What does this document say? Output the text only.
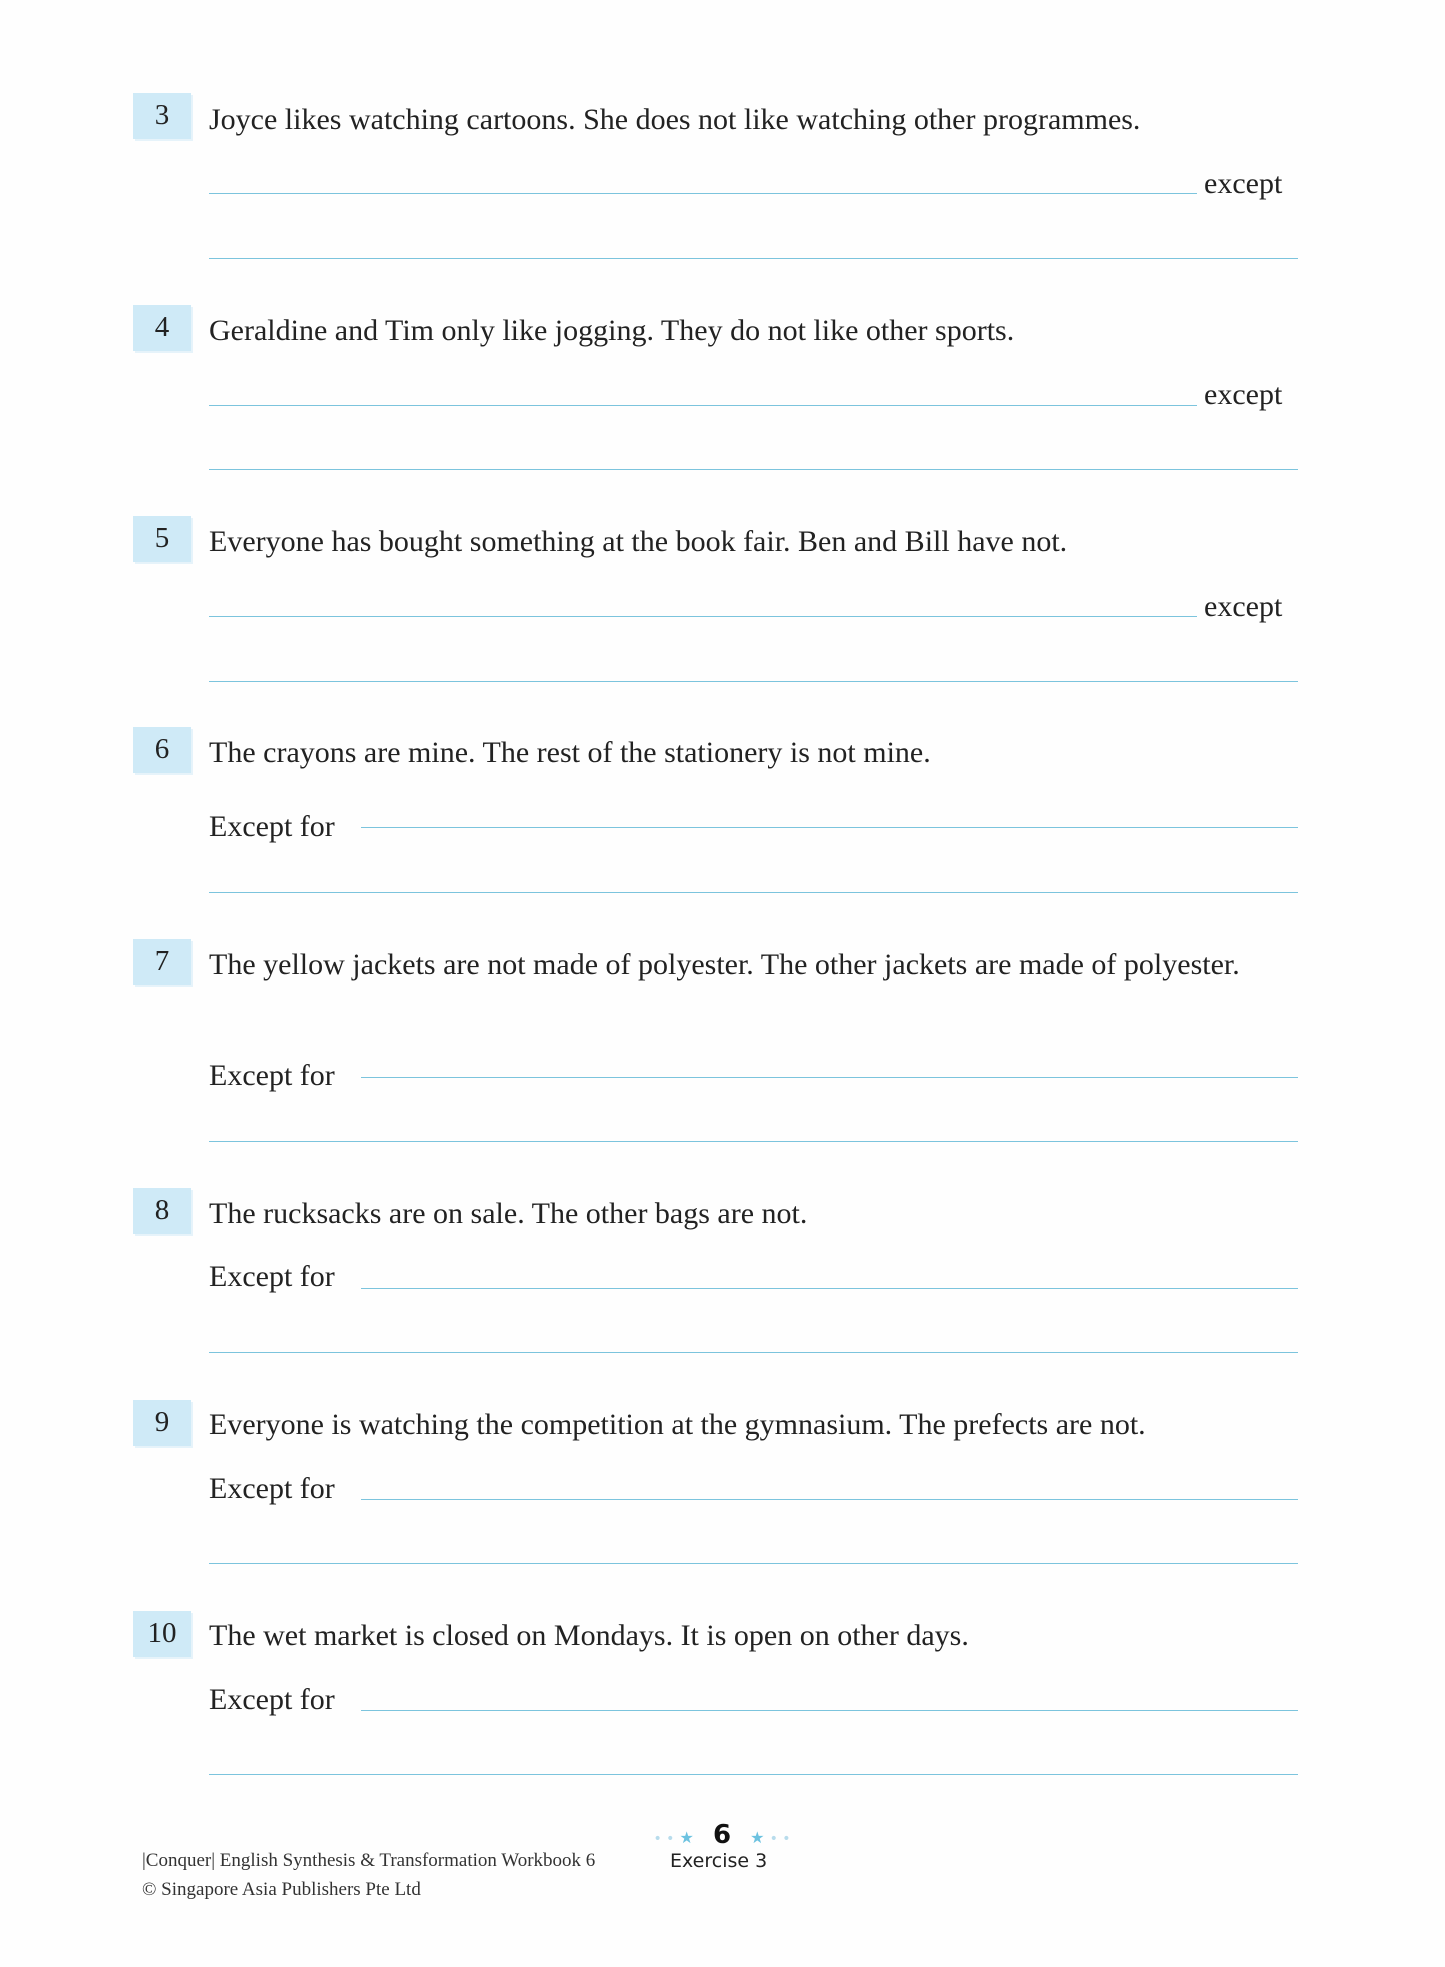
3	Joyce likes watching cartoons. She does not like watching other programmes.
except
4	Geraldine and Tim only like jogging. They do not like other sports.
except
5	Everyone has bought something at the book fair. Ben and Bill have not.
except
6	The crayons are mine. The rest of the stationery is not mine.
Except for
7	The yellow jackets are not made of polyester. The other jackets are made of polyester.
Except for
8	The rucksacks are on sale. The other bags are not.
Except for
9	Everyone is watching the competition at the gymnasium. The prefects are not.
Except for
10	The wet market is closed on Mondays. It is open on other days.
Except for
• • ★ 6 ★ • •
Exercise 3
|Conquer| English Synthesis & Transformation Workbook 6
© Singapore Asia Publishers Pte Ltd
